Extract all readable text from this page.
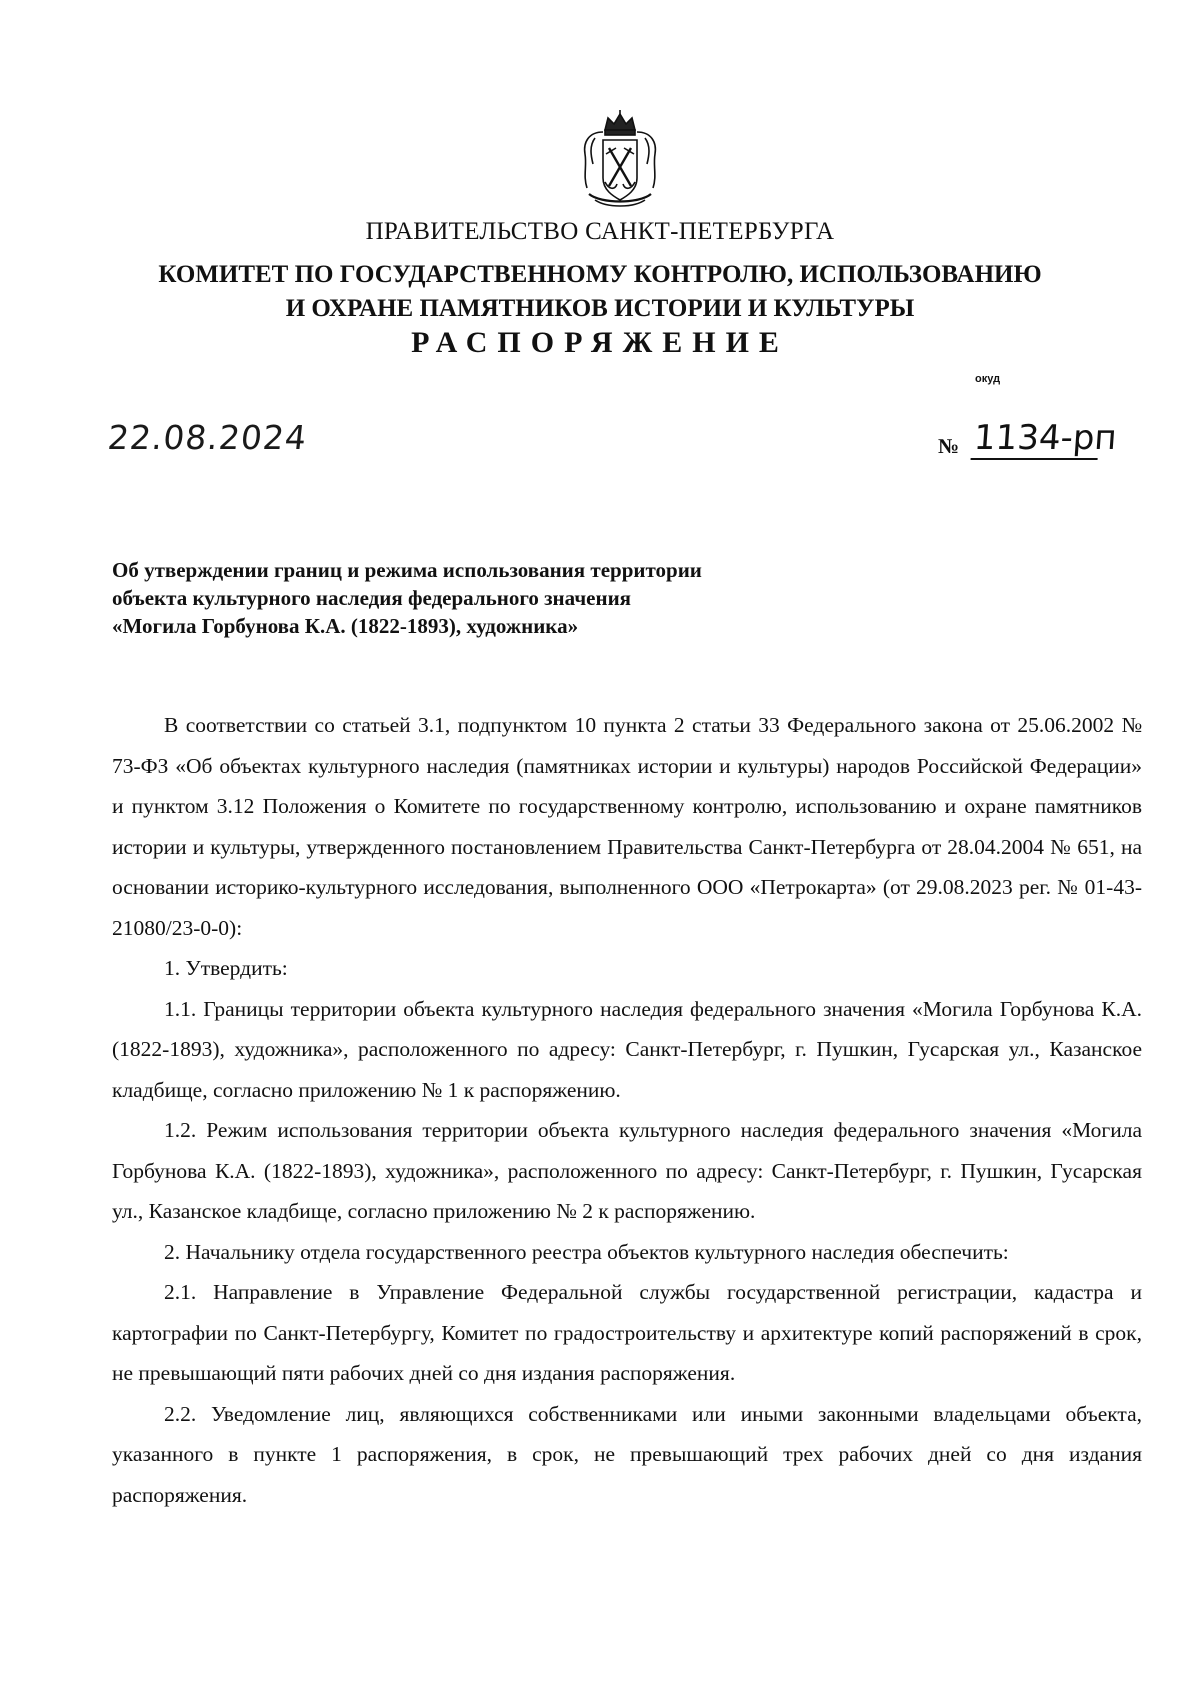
ПРАВИТЕЛЬСТВО САНКТ-ПЕТЕРБУРГА
КОМИТЕТ ПО ГОСУДАРСТВЕННОМУ КОНТРОЛЮ, ИСПОЛЬЗОВАНИЮ
И ОХРАНЕ ПАМЯТНИКОВ ИСТОРИИ И КУЛЬТУРЫ
РАСПОРЯЖЕНИЕ
окуд
22.08.2024	№ 1134-рп
Об утверждении границ и режима использования территории
объекта культурного наследия федерального значения
«Могила Горбунова К.А. (1822-1893), художника»

В соответствии со статьей 3.1, подпунктом 10 пункта 2 статьи 33 Федерального закона от 25.06.2002 № 73-ФЗ «Об объектах культурного наследия (памятниках истории и культуры) народов Российской Федерации» и пунктом 3.12 Положения о Комитете по государственному контролю, использованию и охране памятников истории и культуры, утвержденного постановлением Правительства Санкт-Петербурга от 28.04.2004 № 651, на основании историко-культурного исследования, выполненного ООО «Петрокарта» (от 29.08.2023 рег. № 01-43-21080/23-0-0):

1. Утвердить:

1.1. Границы территории объекта культурного наследия федерального значения «Могила Горбунова К.А. (1822-1893), художника», расположенного по адресу: Санкт-Петербург, г. Пушкин, Гусарская ул., Казанское кладбище, согласно приложению № 1 к распоряжению.

1.2. Режим использования территории объекта культурного наследия федерального значения «Могила Горбунова К.А. (1822-1893), художника», расположенного по адресу: Санкт-Петербург, г. Пушкин, Гусарская ул., Казанское кладбище, согласно приложению № 2 к распоряжению.

2. Начальнику отдела государственного реестра объектов культурного наследия обеспечить:

2.1. Направление в Управление Федеральной службы государственной регистрации, кадастра и картографии по Санкт-Петербургу, Комитет по градостроительству и архитектуре копий распоряжений в срок, не превышающий пяти рабочих дней со дня издания распоряжения.

2.2. Уведомление лиц, являющихся собственниками или иными законными владельцами объекта, указанного в пункте 1 распоряжения, в срок, не превышающий трех рабочих дней со дня издания распоряжения.
